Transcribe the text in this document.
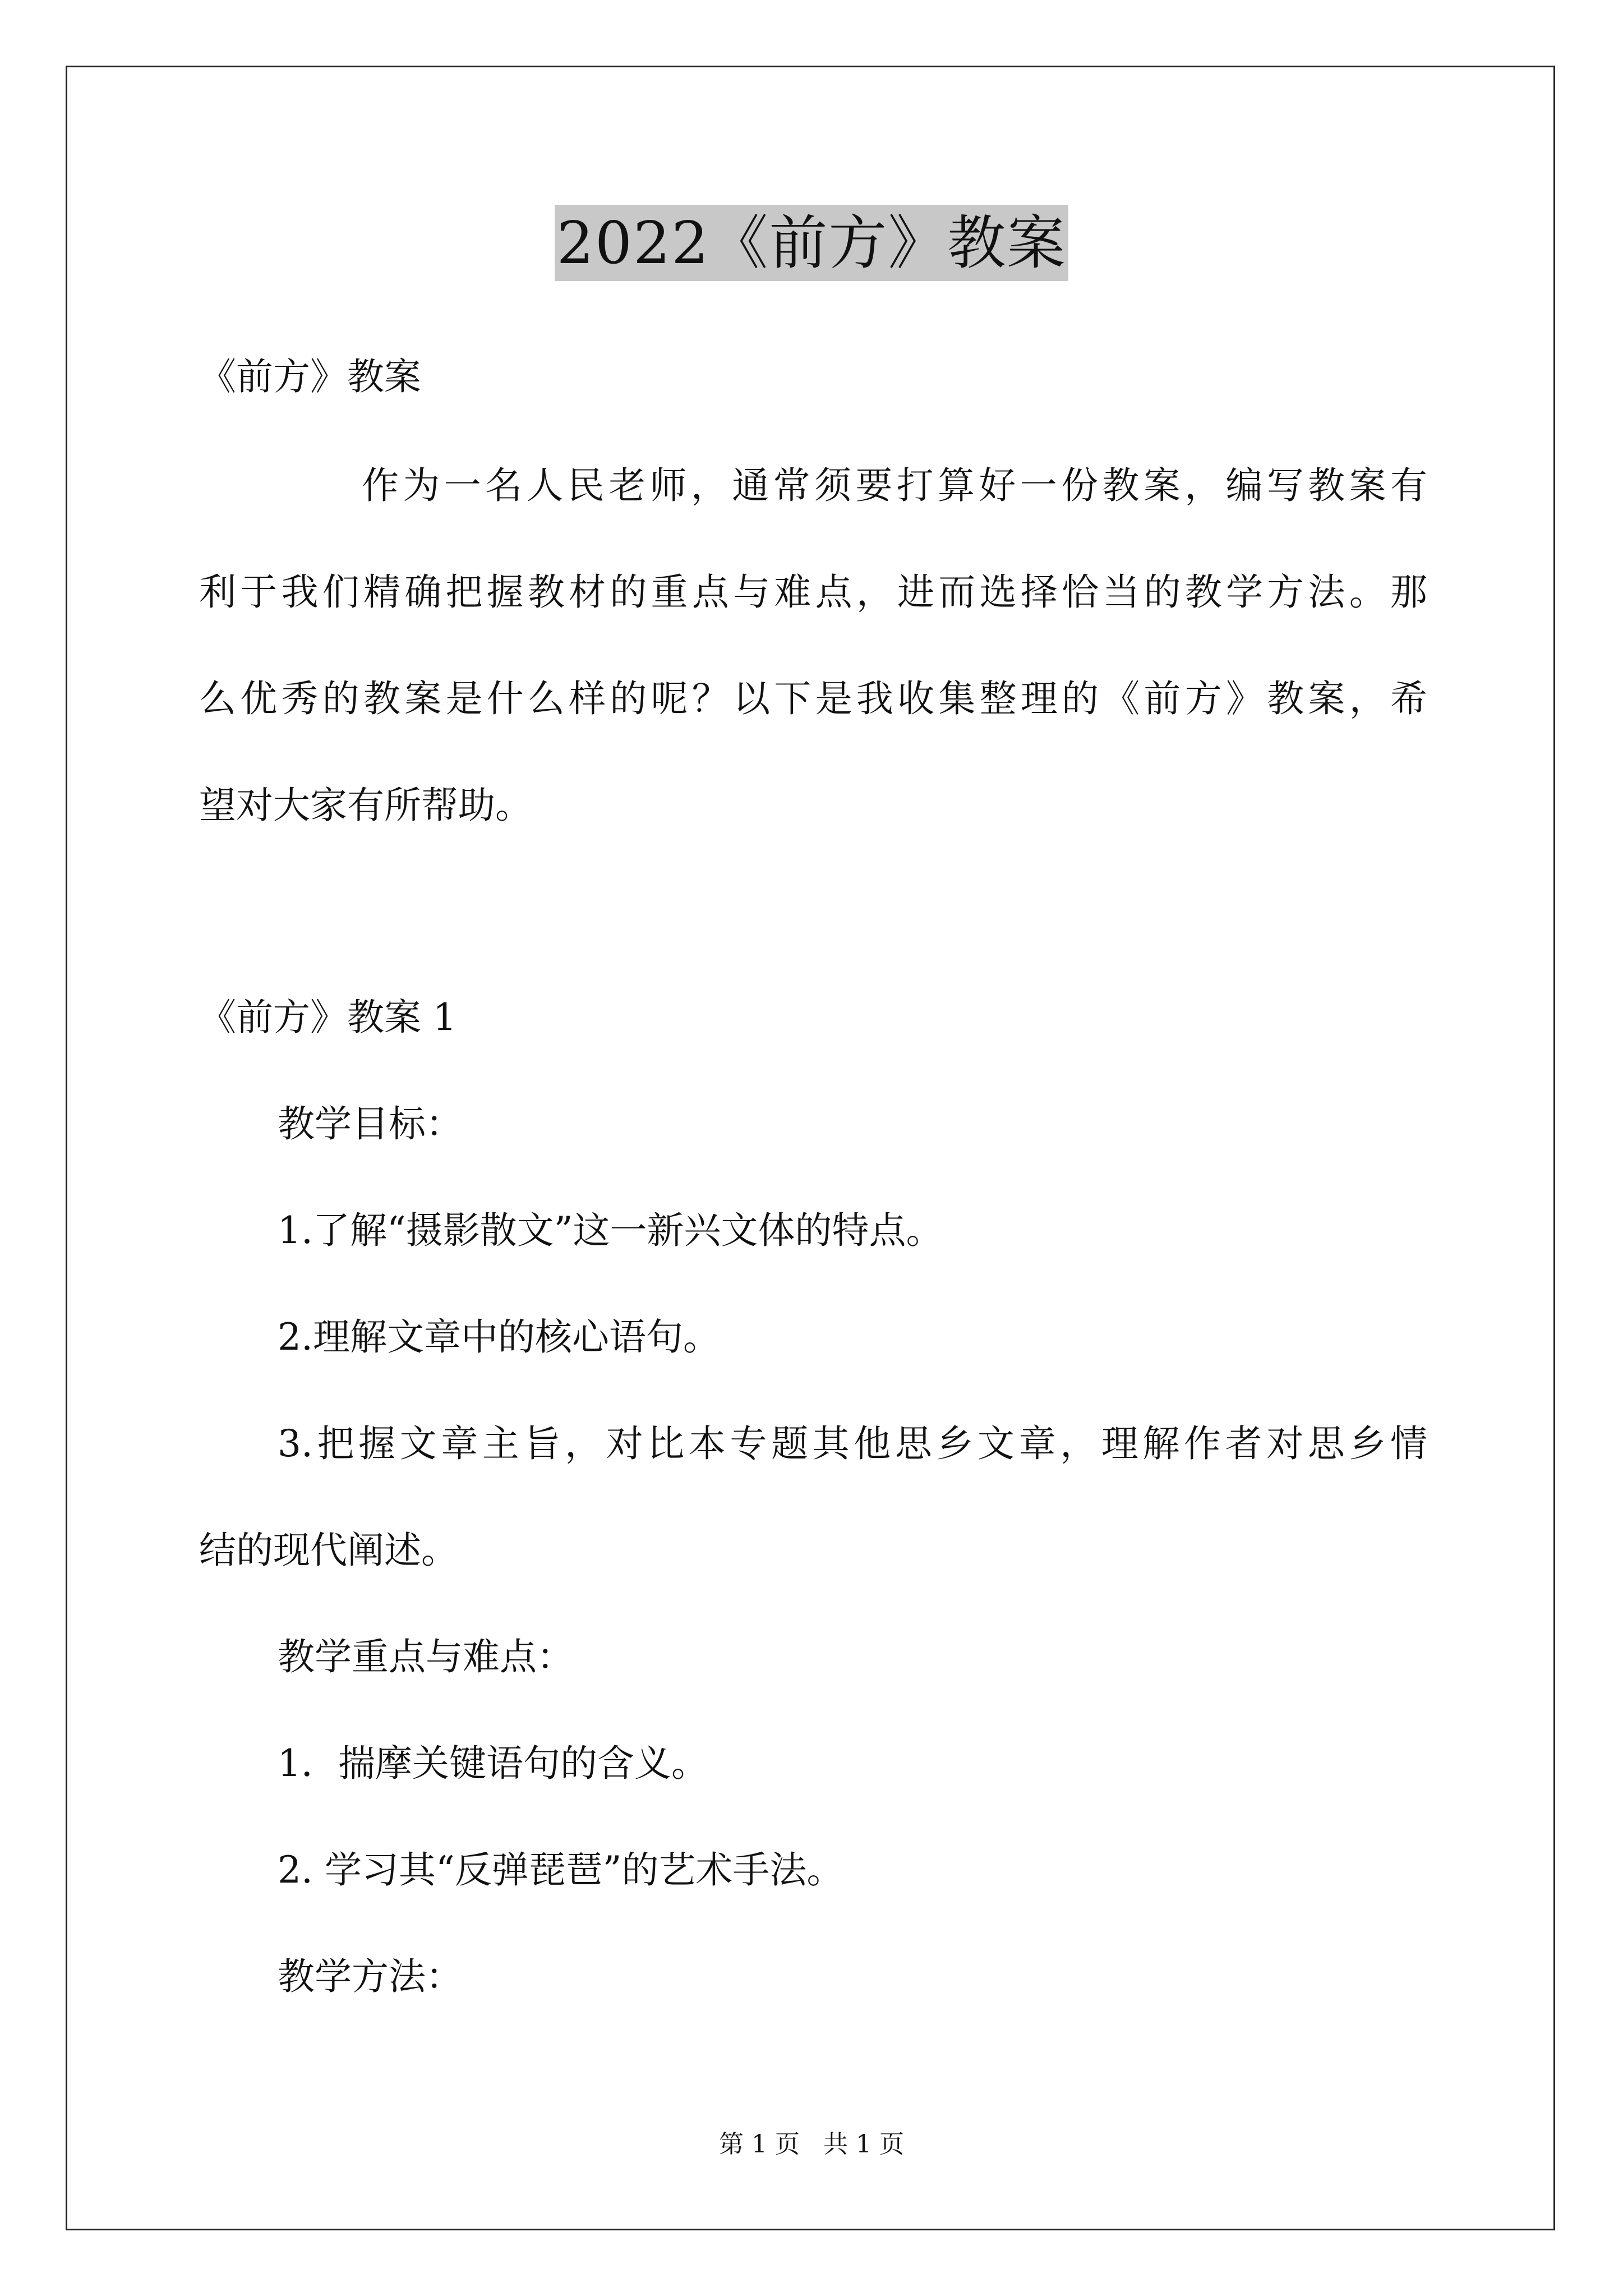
2022《前方》教案
《前方》教案
作为一名人民老师，通常须要打算好一份教案，编写教案有
利于我们精确把握教材的重点与难点，进而选择恰当的教学方法。那
么优秀的教案是什么样的呢？以下是我收集整理的《前方》教案，希
望对大家有所帮助。
《前方》教案 1
教学目标：
1.了解“摄影散文”这一新兴文体的特点。
2.理解文章中的核心语句。
3.把握文章主旨，对比本专题其他思乡文章，理解作者对思乡情
结的现代阐述。
教学重点与难点：
1．揣摩关键语句的含义。
2. 学习其“反弹琵琶”的艺术手法。
教学方法：
第 1 页   共 1 页
